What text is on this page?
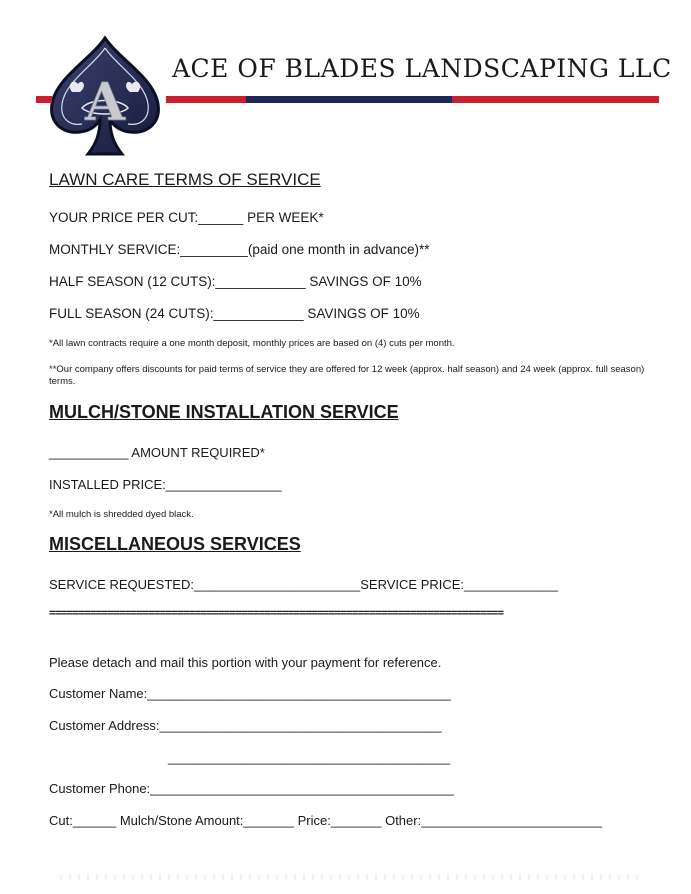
A
ACE OF BLADES LANDSCAPING LLC
LAWN CARE TERMS OF SERVICE
YOUR PRICE PER CUT:______ PER WEEK*
MONTHLY SERVICE:_________(paid one month in advance)**
HALF SEASON (12 CUTS):____________ SAVINGS OF 10%
FULL SEASON (24 CUTS):____________ SAVINGS OF 10%
*All lawn contracts require a one month deposit, monthly prices are based on (4) cuts per month.
**Our company offers discounts for paid terms of service they are offered for 12 week (approx. half season) and 24 week (approx. full season) terms.
MULCH/STONE INSTALLATION SERVICE
___________ AMOUNT REQUIRED*
INSTALLED PRICE:________________
*All mulch is shredded dyed black.
MISCELLANEOUS SERVICES
SERVICE REQUESTED:_______________________SERVICE PRICE:_____________
==============================================================================
Please detach and mail this portion with your payment for reference.
Customer Name:__________________________________________
Customer Address:_______________________________________
_______________________________________
Customer Phone:__________________________________________
Cut:______ Mulch/Stone Amount:_______ Price:_______ Other:_________________________
